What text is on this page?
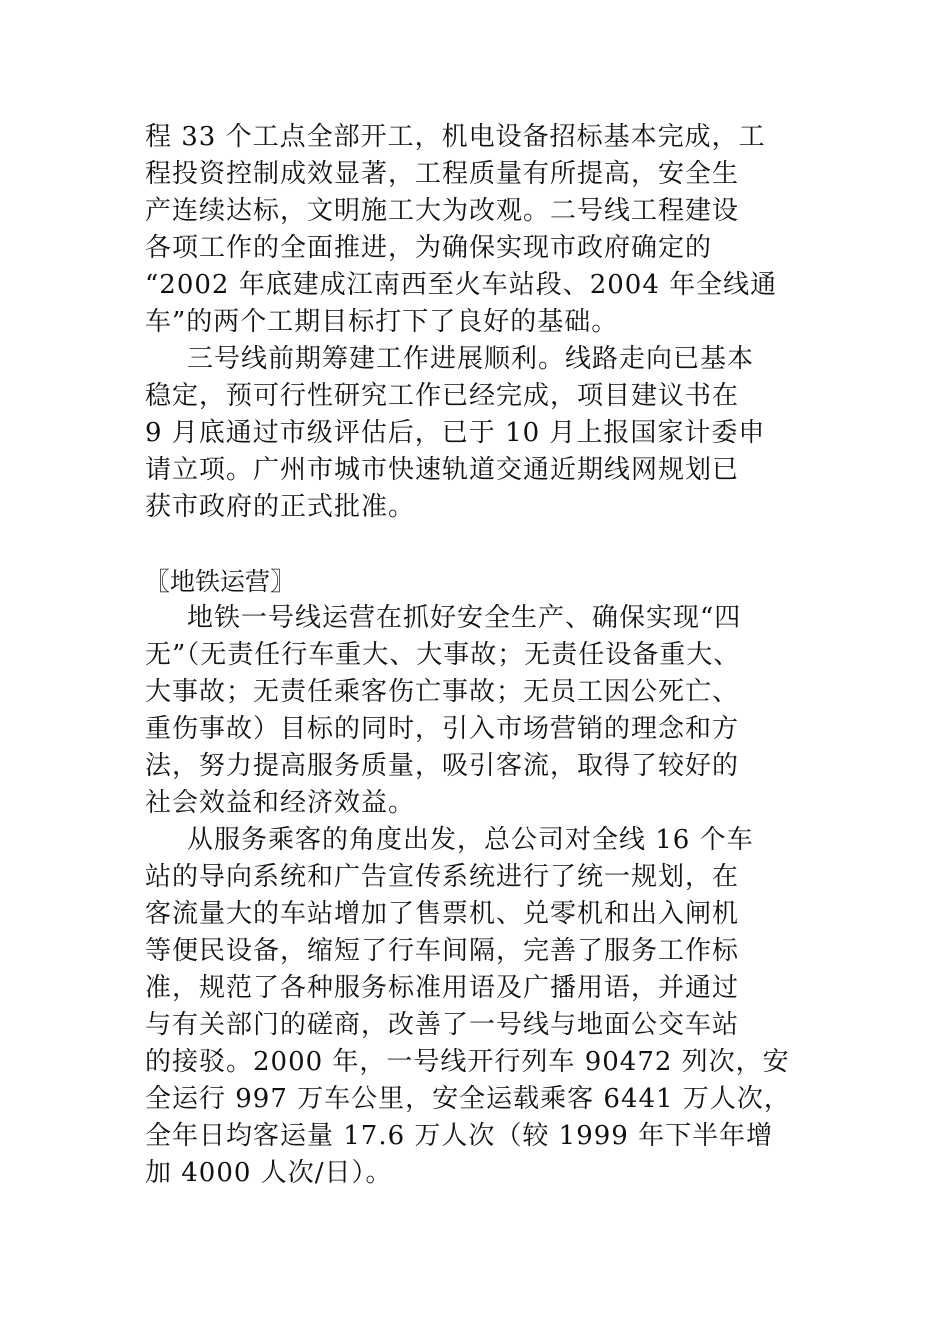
程 33 个工点全部开工，机电设备招标基本完成，工
程投资控制成效显著，工程质量有所提高，安全生
产连续达标，文明施工大为改观。二号线工程建设
各项工作的全面推进，为确保实现市政府确定的
“2002 年底建成江南西至火车站段、2004 年全线通
车”的两个工期目标打下了良好的基础。
三号线前期筹建工作进展顺利。线路走向已基本
稳定，预可行性研究工作已经完成，项目建议书在
9 月底通过市级评估后，已于 10 月上报国家计委申
请立项。广州市城市快速轨道交通近期线网规划已
获市政府的正式批准。
〖地铁运营〗
地铁一号线运营在抓好安全生产、确保实现“四
无”（无责任行车重大、大事故；无责任设备重大、
大事故；无责任乘客伤亡事故；无员工因公死亡、
重伤事故）目标的同时，引入市场营销的理念和方
法，努力提高服务质量，吸引客流，取得了较好的
社会效益和经济效益。
从服务乘客的角度出发，总公司对全线 16 个车
站的导向系统和广告宣传系统进行了统一规划，在
客流量大的车站增加了售票机、兑零机和出入闸机
等便民设备，缩短了行车间隔，完善了服务工作标
准，规范了各种服务标准用语及广播用语，并通过
与有关部门的磋商，改善了一号线与地面公交车站
的接驳。2000 年，一号线开行列车 90472 列次，安
全运行 997 万车公里，安全运载乘客 6441 万人次，
全年日均客运量 17.6 万人次（较 1999 年下半年增
加 4000 人次/日）。
